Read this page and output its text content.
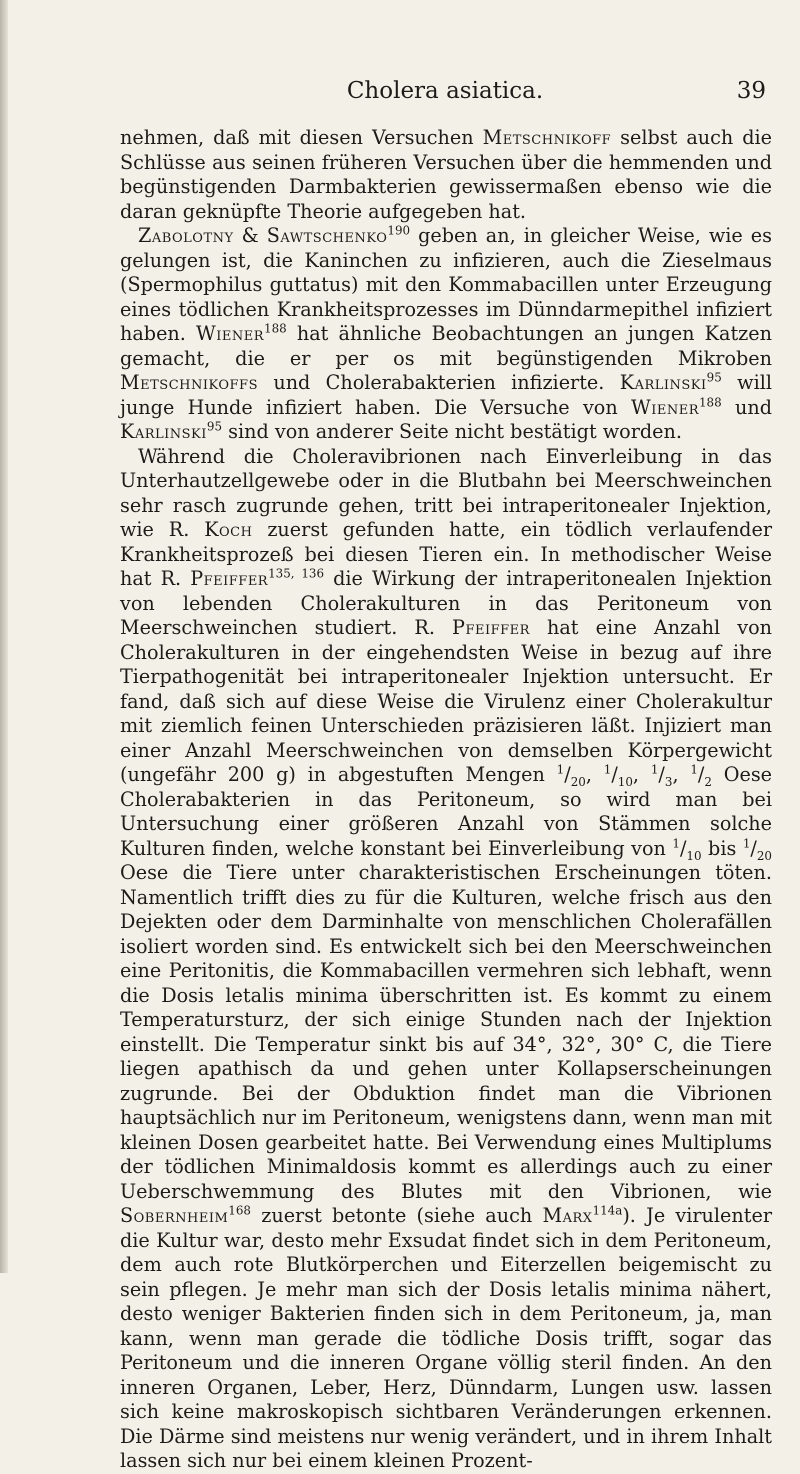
Cholera asiatica.	39

nehmen, daß mit diesen Versuchen Metschnikoff selbst auch die Schlüsse aus seinen früheren Versuchen über die hemmenden und begünstigenden Darmbakterien gewissermaßen ebenso wie die daran geknüpfte Theorie aufgegeben hat.

Zabolotny & Sawtschenko$^{190}$ geben an, in gleicher Weise, wie es gelungen ist, die Kaninchen zu infizieren, auch die Zieselmaus (Spermophilus guttatus) mit den Kommabacillen unter Erzeugung eines tödlichen Krankheitsprozesses im Dünndarmepithel infiziert haben. Wiener$^{188}$ hat ähnliche Beobachtungen an jungen Katzen gemacht, die er per os mit begünstigenden Mikroben Metschnikoffs und Cholerabakterien infizierte. Karlinski$^{95}$ will junge Hunde infiziert haben. Die Versuche von Wiener$^{188}$ und Karlinski$^{95}$ sind von anderer Seite nicht bestätigt worden.

Während die Choleravibrionen nach Einverleibung in das Unterhautzellgewebe oder in die Blutbahn bei Meerschweinchen sehr rasch zugrunde gehen, tritt bei intraperitonealer Injektion, wie R. Koch zuerst gefunden hatte, ein tödlich verlaufender Krankheitsprozeß bei diesen Tieren ein. In methodischer Weise hat R. Pfeiffer$^{135, 136}$ die Wirkung der intraperitonealen Injektion von lebenden Cholerakulturen in das Peritoneum von Meerschweinchen studiert. R. Pfeiffer hat eine Anzahl von Cholerakulturen in der eingehendsten Weise in bezug auf ihre Tierpathogenität bei intraperitonealer Injektion untersucht. Er fand, daß sich auf diese Weise die Virulenz einer Cholerakultur mit ziemlich feinen Unterschieden präzisieren läßt. Injiziert man einer Anzahl Meerschweinchen von demselben Körpergewicht (ungefähr 200 g) in abgestuften Mengen $^1/_{20}$, $^1/_{10}$, $^1/_3$, $^1/_2$ Oese Cholerabakterien in das Peritoneum, so wird man bei Untersuchung einer größeren Anzahl von Stämmen solche Kulturen finden, welche konstant bei Einverleibung von $^1/_{10}$ bis $^1/_{20}$ Oese die Tiere unter charakteristischen Erscheinungen töten. Namentlich trifft dies zu für die Kulturen, welche frisch aus den Dejekten oder dem Darminhalte von menschlichen Cholerafällen isoliert worden sind. Es entwickelt sich bei den Meerschweinchen eine Peritonitis, die Kommabacillen vermehren sich lebhaft, wenn die Dosis letalis minima überschritten ist. Es kommt zu einem Temperatursturz, der sich einige Stunden nach der Injektion einstellt. Die Temperatur sinkt bis auf 34°, 32°, 30° C, die Tiere liegen apathisch da und gehen unter Kollapserscheinungen zugrunde. Bei der Obduktion findet man die Vibrionen hauptsächlich nur im Peritoneum, wenigstens dann, wenn man mit kleinen Dosen gearbeitet hatte. Bei Verwendung eines Multiplums der tödlichen Minimaldosis kommt es allerdings auch zu einer Ueberschwemmung des Blutes mit den Vibrionen, wie Sobernheim$^{168}$ zuerst betonte (siehe auch Marx$^{114a}$). Je virulenter die Kultur war, desto mehr Exsudat findet sich in dem Peritoneum, dem auch rote Blutkörperchen und Eiterzellen beigemischt zu sein pflegen. Je mehr man sich der Dosis letalis minima nähert, desto weniger Bakterien finden sich in dem Peritoneum, ja, man kann, wenn man gerade die tödliche Dosis trifft, sogar das Peritoneum und die inneren Organe völlig steril finden. An den inneren Organen, Leber, Herz, Dünndarm, Lungen usw. lassen sich keine makroskopisch sichtbaren Veränderungen erkennen. Die Därme sind meistens nur wenig verändert, und in ihrem Inhalt lassen sich nur bei einem kleinen Prozent-
